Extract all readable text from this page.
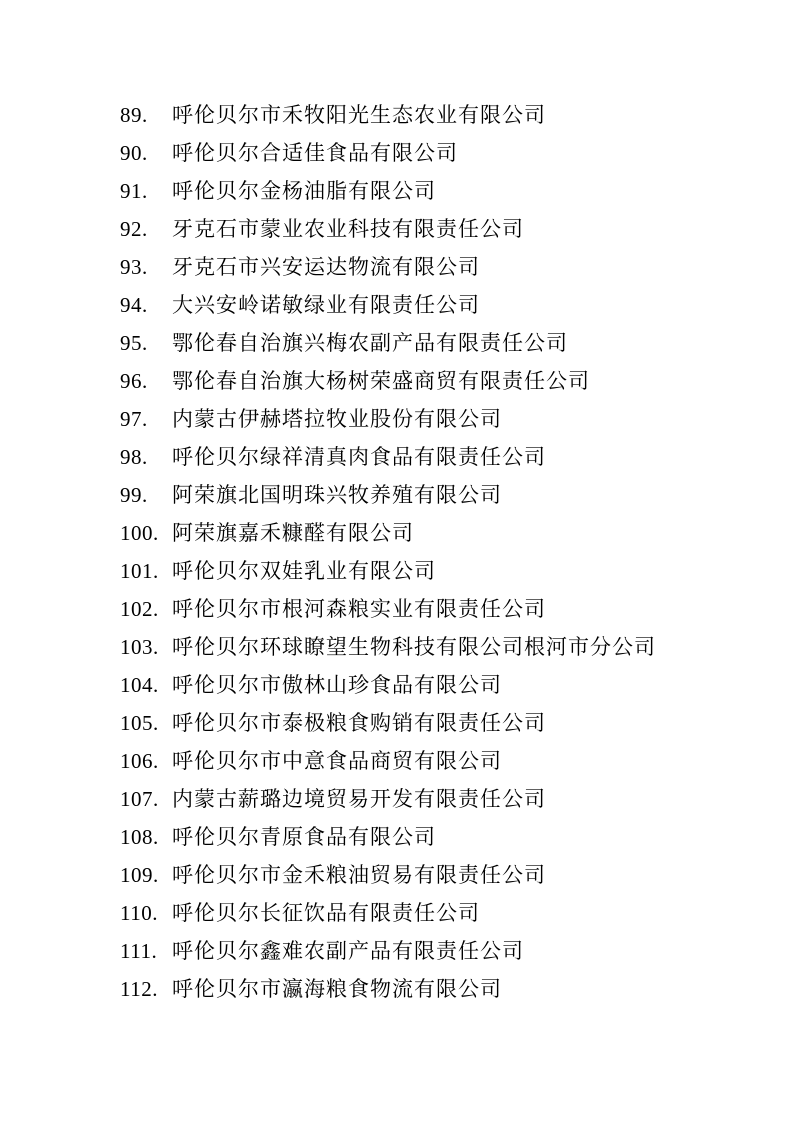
89. 呼伦贝尔市禾牧阳光生态农业有限公司
90. 呼伦贝尔合适佳食品有限公司
91. 呼伦贝尔金杨油脂有限公司
92. 牙克石市蒙业农业科技有限责任公司
93. 牙克石市兴安运达物流有限公司
94. 大兴安岭诺敏绿业有限责任公司
95. 鄂伦春自治旗兴梅农副产品有限责任公司
96. 鄂伦春自治旗大杨树荣盛商贸有限责任公司
97. 内蒙古伊赫塔拉牧业股份有限公司
98. 呼伦贝尔绿祥清真肉食品有限责任公司
99. 阿荣旗北国明珠兴牧养殖有限公司
100. 阿荣旗嘉禾糠醛有限公司
101. 呼伦贝尔双娃乳业有限公司
102. 呼伦贝尔市根河森粮实业有限责任公司
103. 呼伦贝尔环球瞭望生物科技有限公司根河市分公司
104. 呼伦贝尔市傲林山珍食品有限公司
105. 呼伦贝尔市泰极粮食购销有限责任公司
106. 呼伦贝尔市中意食品商贸有限公司
107. 内蒙古薪璐边境贸易开发有限责任公司
108. 呼伦贝尔青原食品有限公司
109. 呼伦贝尔市金禾粮油贸易有限责任公司
110. 呼伦贝尔长征饮品有限责任公司
111. 呼伦贝尔鑫难农副产品有限责任公司
112. 呼伦贝尔市瀛海粮食物流有限公司
